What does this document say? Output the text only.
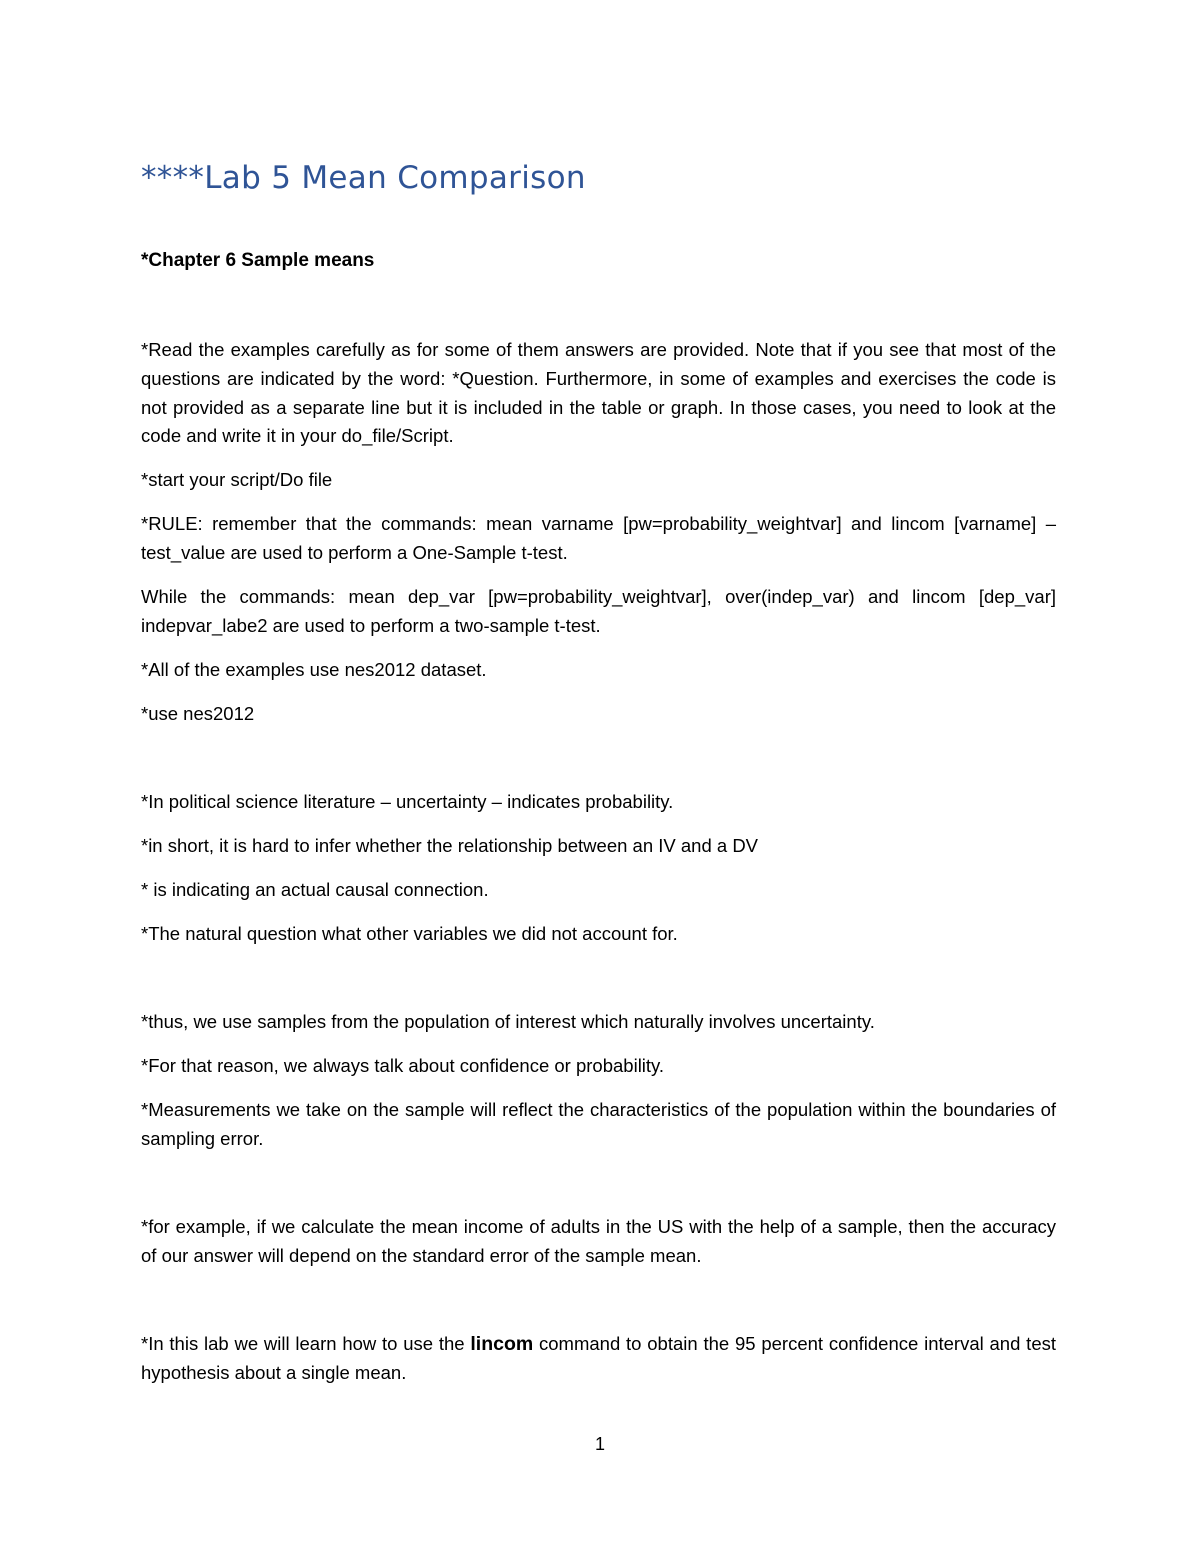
****Lab 5 Mean Comparison
*Chapter 6 Sample means
*Read the examples carefully as for some of them answers are provided. Note that if you see that most of the questions are indicated by the word: *Question. Furthermore, in some of examples and exercises the code is not provided as a separate line but it is included in the table or graph. In those cases, you need to look at the code and write it in your do_file/Script.
*start your script/Do file
*RULE: remember that the commands: mean varname [pw=probability_weightvar] and lincom [varname] – test_value are used to perform a One-Sample t-test.
While the commands: mean dep_var [pw=probability_weightvar], over(indep_var) and lincom [dep_var] indepvar_labe2 are used to perform a two-sample t-test.
*All of the examples use nes2012 dataset.
*use nes2012
*In political science literature – uncertainty – indicates probability.
*in short, it is hard to infer whether the relationship between an IV and a DV
* is indicating an actual causal connection.
*The natural question what other variables we did not account for.
*thus, we use samples from the population of interest which naturally involves uncertainty.
*For that reason, we always talk about confidence or probability.
*Measurements we take on the sample will reflect the characteristics of the population within the boundaries of sampling error.
*for example, if we calculate the mean income of adults in the US with the help of a sample, then the accuracy of our answer will depend on the standard error of the sample mean.
*In this lab we will learn how to use the lincom command to obtain the 95 percent confidence interval and test hypothesis about a single mean.
1
